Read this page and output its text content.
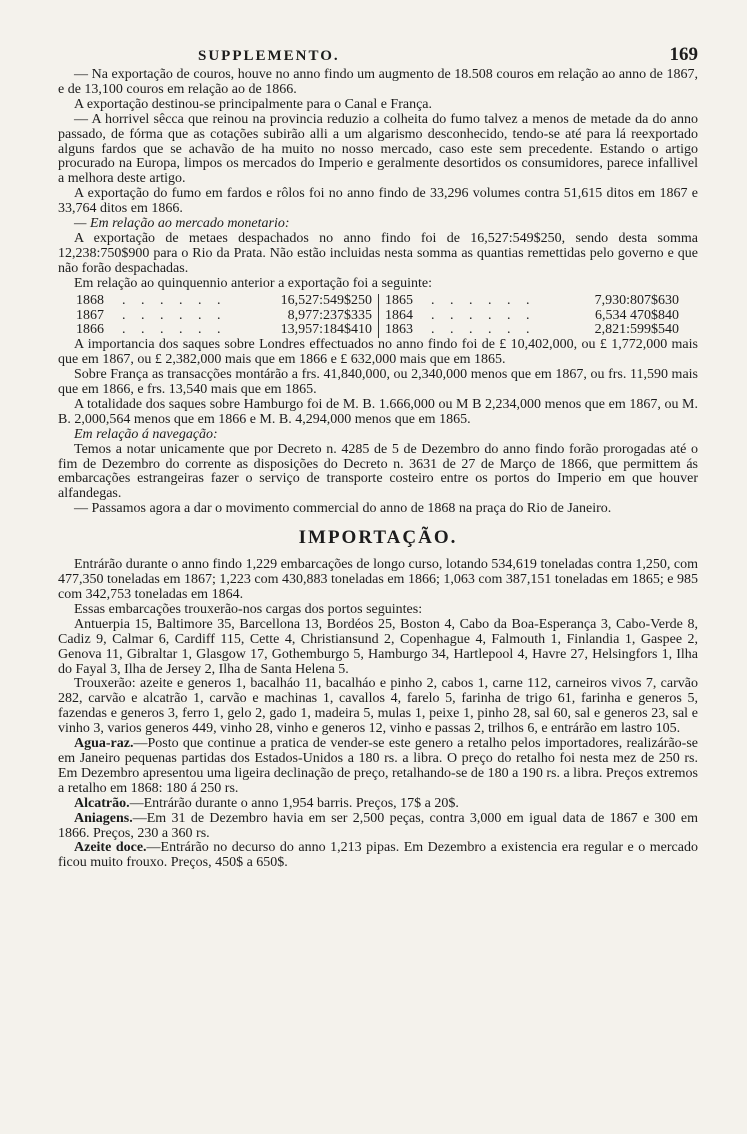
SUPPLEMENTO.	169

— Na exportação de couros, houve no anno findo um augmento de 18.508 couros em relação ao anno de 1867, e de 13,100 couros em relação ao de 1866.

A exportação destinou-se principalmente para o Canal e França.

— A horrivel sêcca que reinou na provincia reduzio a colheita do fumo talvez a menos de metade da do anno passado, de fórma que as cotações subirão alli a um algarismo desconhecido, tendo-se até para lá reexportado alguns fardos que se achavão de ha muito no nosso mercado, caso este sem precedente. Estando o artigo procurado na Europa, limpos os mercados do Imperio e geralmente desortidos os consumidores, parece infallivel a melhora deste artigo.

A exportação do fumo em fardos e rôlos foi no anno findo de 33,296 volumes contra 51,615 ditos em 1867 e 33,764 ditos em 1866.

— Em relação ao mercado monetario:

A exportação de metaes despachados no anno findo foi de 16,527:549$250, sendo desta somma 12,238:750$900 para o Rio da Prata. Não estão incluidas nesta somma as quantias remettidas pelo governo e que não forão despachadas.

Em relação ao quinquennio anterior a exportação foi a seguinte:

1868	. . . . . .	16,527:549$250
1867	. . . . . .	8,977:237$335
1866	. . . . . .	13,957:184$410
1865	. . . . . .	7,930:807$630
1864	. . . . . .	6,534 470$840
1863	. . . . . .	2,821:599$540

A importancia dos saques sobre Londres effectuados no anno findo foi de £ 10,402,000, ou £ 1,772,000 mais que em 1867, ou £ 2,382,000 mais que em 1866 e £ 632,000 mais que em 1865.

Sobre França as transacções montárão a frs. 41,840,000, ou 2,340,000 menos que em 1867, ou frs. 11,590 mais que em 1866, e frs. 13,540 mais que em 1865.

A totalidade dos saques sobre Hamburgo foi de M. B. 1.666,000 ou M B 2,234,000 menos que em 1867, ou M. B. 2,000,564 menos que em 1866 e M. B. 4,294,000 menos que em 1865.

Em relação á navegação:

Temos a notar unicamente que por Decreto n. 4285 de 5 de Dezembro do anno findo forão prorogadas até o fim de Dezembro do corrente as disposições do Decreto n. 3631 de 27 de Março de 1866, que permittem ás embarcações estrangeiras fazer o serviço de transporte costeiro entre os portos do Imperio em que houver alfandegas.

— Passamos agora a dar o movimento commercial do anno de 1868 na praça do Rio de Janeiro.

IMPORTAÇÃO.

Entrárão durante o anno findo 1,229 embarcações de longo curso, lotando 534,619 toneladas contra 1,250, com 477,350 toneladas em 1867; 1,223 com 430,883 toneladas em 1866; 1,063 com 387,151 toneladas em 1865; e 985 com 342,753 toneladas em 1864.

Essas embarcações trouxerão-nos cargas dos portos seguintes:

Antuerpia 15, Baltimore 35, Barcellona 13, Bordéos 25, Boston 4, Cabo da Boa-Esperança 3, Cabo-Verde 8, Cadiz 9, Calmar 6, Cardiff 115, Cette 4, Christiansund 2, Copenhague 4, Falmouth 1, Finlandia 1, Gaspee 2, Genova 11, Gibraltar 1, Glasgow 17, Gothemburgo 5, Hamburgo 34, Hartlepool 4, Havre 27, Helsingfors 1, Ilha do Fayal 3, Ilha de Jersey 2, Ilha de Santa Helena 5.

Trouxerão: azeite e generos 1, bacalháo 11, bacalháo e pinho 2, cabos 1, carne 112, carneiros vivos 7, carvão 282, carvão e alcatrão 1, carvão e machinas 1, cavallos 4, farelo 5, farinha de trigo 61, farinha e generos 5, fazendas e generos 3, ferro 1, gelo 2, gado 1, madeira 5, mulas 1, peixe 1, pinho 28, sal 60, sal e generos 23, sal e vinho 3, varios generos 449, vinho 28, vinho e generos 12, vinho e passas 2, trilhos 6, e entrárão em lastro 105.

Agua-raz.—Posto que continue a pratica de vender-se este genero a retalho pelos importadores, realizárão-se em Janeiro pequenas partidas dos Estados-Unidos a 180 rs. a libra. O preço do retalho foi nesta mez de 250 rs. Em Dezembro apresentou uma ligeira declinação de preço, retalhando-se de 180 a 190 rs. a libra. Preços extremos a retalho em 1868: 180 á 250 rs.

Alcatrão.—Entrárão durante o anno 1,954 barris. Preços, 17$ a 20$.

Aniagens.—Em 31 de Dezembro havia em ser 2,500 peças, contra 3,000 em igual data de 1867 e 300 em 1866. Preços, 230 a 360 rs.

Azeite doce.—Entrárão no decurso do anno 1,213 pipas. Em Dezembro a existencia era regular e o mercado ficou muito frouxo. Preços, 450$ a 650$.
